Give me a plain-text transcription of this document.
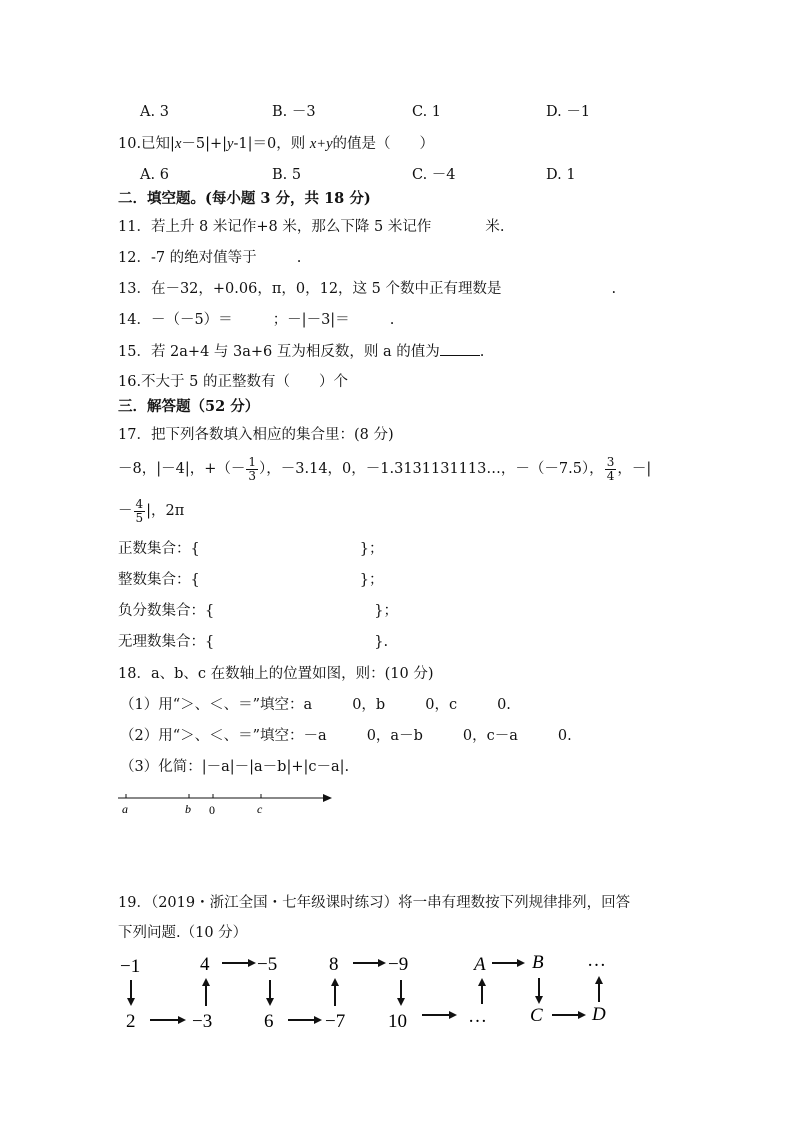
A. 3	B. －3	C. 1	D. －1
10.已知|x－5|+|y-1|＝0，则 x+y的值是（　　）
A. 6	B. 5	C. －4	D. 1
二．填空题。(每小题 3 分，共 18 分)
11．若上升 8 米记作+8 米，那么下降 5 米记作	米.
12．-7 的绝对值等于	.
13．在－32，+0.06，π，0，12，这 5 个数中正有理数是	.
14．－（－5）＝	；－|－3|＝	.
15．若 2a+4 与 3a+6 互为相反数，则 a 的值为	.
16.不大于 5 的正整数有（　　）个
三．解答题（52 分）
17．把下列各数填入相应的集合里：(8 分)
－8，|－4|，+（－ $\frac{1}{3}$ ），－3.14，0，－1.3131131113…，－（－7.5）， $\frac{3}{4}$ ，－|
－ $\frac{4}{5}$ |，2π
正数集合：{	}；
整数集合：{	}；
负分数集合：{	}；
无理数集合：{	}.
18．a、b、c 在数轴上的位置如图，则：(10 分)
（1）用“＞、＜、＝”填空：a	0，b	0，c	0.
（2）用“＞、＜、＝”填空：－a	0，a－b	0，c－a	0.
（3）化简：|－a|－|a－b|+|c－a|.
a	b 0	c
19．（2019・浙江全国・七年级课时练习）将一串有理数按下列规律排列，回答
下列问题.（10 分）
−1	4	−5	8	−9	A B …
2	−3	6	−7 10	… C	D
